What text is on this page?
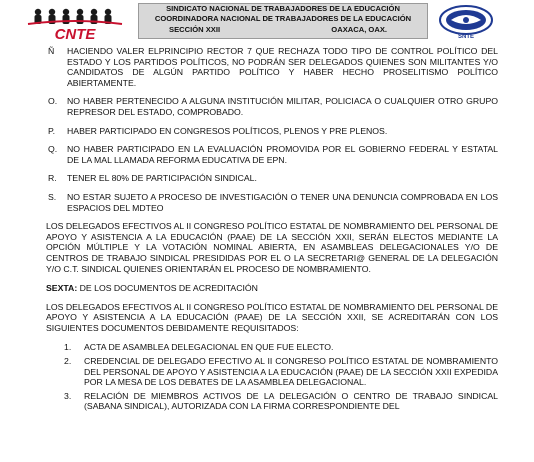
CNTE
SINDICATO NACIONAL DE TRABAJADORES DE LA EDUCACIÓN
COORDINADORA NACIONAL DE TRABAJADORES DE LA EDUCACIÓN
SECCIÓN XXII	OAXACA, OAX.
SNTE
Ñ	HACIENDO VALER ELPRINCIPIO RECTOR 7 QUE RECHAZA TODO TIPO DE CONTROL POLÍTICO DEL ESTADO Y LOS PARTIDOS POLÍTICOS, NO PODRÁN SER DELEGADOS QUIENES SON MILITANTES Y/O CANDIDATOS DE ALGÚN PARTIDO POLÍTICO Y HABER HECHO PROSELITISMO POLÍTICO ABIERTAMENTE.
O.	NO HABER PERTENECIDO A ALGUNA INSTITUCIÓN MILITAR, POLICIACA O CUALQUIER OTRO GRUPO REPRESOR DEL ESTADO, COMPROBADO.
P.	HABER PARTICIPADO EN CONGRESOS POLÍTICOS, PLENOS Y PRE PLENOS.
Q.	NO HABER PARTICIPADO EN LA EVALUACIÓN PROMOVIDA POR EL GOBIERNO FEDERAL Y ESTATAL DE LA MAL LLAMADA REFORMA EDUCATIVA DE EPN.
R.	TENER EL 80% DE PARTICIPACIÓN SINDICAL.
S.	NO ESTAR SUJETO A PROCESO DE INVESTIGACIÓN O TENER UNA DENUNCIA COMPROBADA EN LOS ESPACIOS DEL MDTEO
LOS DELEGADOS EFECTIVOS AL II CONGRESO POLÍTICO ESTATAL DE NOMBRAMIENTO DEL PERSONAL DE APOYO Y ASISTENCIA A LA EDUCACIÓN (PAAE) DE LA SECCIÓN XXII, SERÁN ELECTOS MEDIANTE LA OPCIÓN MÚLTIPLE Y LA VOTACIÓN NOMINAL ABIERTA, EN ASAMBLEAS DELEGACIONALES Y/O DE CENTROS DE TRABAJO SINDICAL PRESIDIDAS POR EL O LA SECRETARI@ GENERAL DE LA DELEGACIÓN Y/O C.T. SINDICAL QUIENES ORIENTARÁN EL PROCESO DE NOMBRAMIENTO.
SEXTA: DE LOS DOCUMENTOS DE ACREDITACIÓN
LOS DELEGADOS EFECTIVOS AL II CONGRESO POLÍTICO ESTATAL DE NOMBRAMIENTO DEL PERSONAL DE APOYO Y ASISTENCIA A LA EDUCACIÓN (PAAE) DE LA SECCIÓN XXII, SE ACREDITARÁN CON LOS SIGUIENTES DOCUMENTOS DEBIDAMENTE REQUISITADOS:
1.	ACTA DE ASAMBLEA DELEGACIONAL EN QUE FUE ELECTO.
2.	CREDENCIAL DE DELEGADO EFECTIVO AL II CONGRESO POLÍTICO ESTATAL DE NOMBRAMIENTO DEL PERSONAL DE APOYO Y ASISTENCIA A LA EDUCACIÓN (PAAE) DE LA SECCIÓN XXII EXPEDIDA POR LA MESA DE LOS DEBATES DE LA ASAMBLEA DELEGACIONAL.
3.	RELACIÓN DE MIEMBROS ACTIVOS DE LA DELEGACIÓN O CENTRO DE TRABAJO SINDICAL (SABANA SINDICAL), AUTORIZADA CON LA FIRMA CORRESPONDIENTE DEL
